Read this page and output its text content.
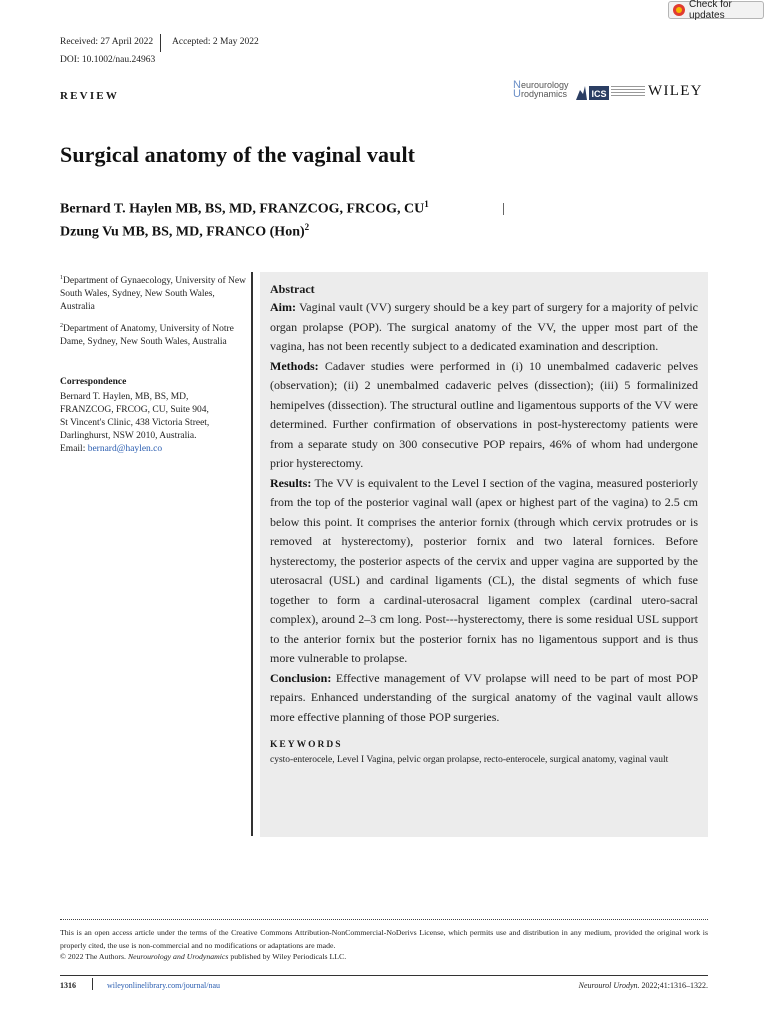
Check for updates
Received: 27 April 2022 Accepted: 2 May 2022
DOI: 10.1002/nau.24963
REVIEW
Neurourology
Urodynamics	ICS	WILEY
Surgical anatomy of the vaginal vault
Bernard T. Haylen MB, BS, MD, FRANZCOG, FRCOG, $CU^1$
Dzung Vu MB, BS, MD, FRANCO (Hon)$^2$
$^1$Department of Gynaecology, University of New South Wales, Sydney, New South Wales, Australia
$^2$Department of Anatomy, University of Notre Dame, Sydney, New South Wales, Australia
Correspondence
Bernard T. Haylen, MB, BS, MD,
FRANZCOG, FRCOG, CU, Suite 904,
St Vincent's Clinic, 438 Victoria Street,
Darlinghurst, NSW 2010, Australia.
Email: bernard@haylen.co
Abstract

Aim: Vaginal vault (VV) surgery should be a key part of surgery for a majority of pelvic organ prolapse (POP). The surgical anatomy of the VV, the upper most part of the vagina, has not been recently subject to a dedicated examination and description.

Methods: Cadaver studies were performed in (i) 10 unembalmed cadaveric pelves (observation); (ii) 2 unembalmed cadaveric pelves (dissection); (iii) 5 formalinized hemipelves (dissection). The structural outline and ligamentous supports of the VV were determined. Further confirmation of observations in post-hysterectomy patients were from a separate study on 300 consecutive POP repairs, 46% of whom had undergone prior hysterectomy.

Results: The VV is equivalent to the Level I section of the vagina, measured posteriorly from the top of the posterior vaginal wall (apex or highest part of the vagina) to 2.5 cm below this point. It comprises the anterior fornix (through which cervix protrudes or is removed at hysterectomy), posterior fornix and two lateral fornices. Before hysterectomy, the posterior aspects of the cervix and upper vagina are supported by the uterosacral (USL) and cardinal ligaments (CL), the distal segments of which fuse together to form a cardinal-uterosacral ligament complex (cardinal utero-sacral complex), around 2–3 cm long. Post---hysterectomy, there is some residual USL support to the anterior fornix but the posterior fornix has no ligamentous support and is thus more vulnerable to prolapse.

Conclusion: Effective management of VV prolapse will need to be part of most POP repairs. Enhanced understanding of the surgical anatomy of the vaginal vault allows more effective planning of those POP surgeries.

KEYWORDS
cysto-enterocele, Level I Vagina, pelvic organ prolapse, recto-enterocele, surgical anatomy, vaginal vault
This is an open access article under the terms of the Creative Commons Attribution-NonCommercial-NoDerivs License, which permits use and distribution in any medium, provided the original work is properly cited, the use is non-commercial and no modifications or adaptations are made.
© 2022 The Authors. Neurourology and Urodynamics published by Wiley Periodicals LLC.
1316	wileyonlinelibrary.com/journal/nau	Neurourol Urodyn. 2022;41:1316–1322.
